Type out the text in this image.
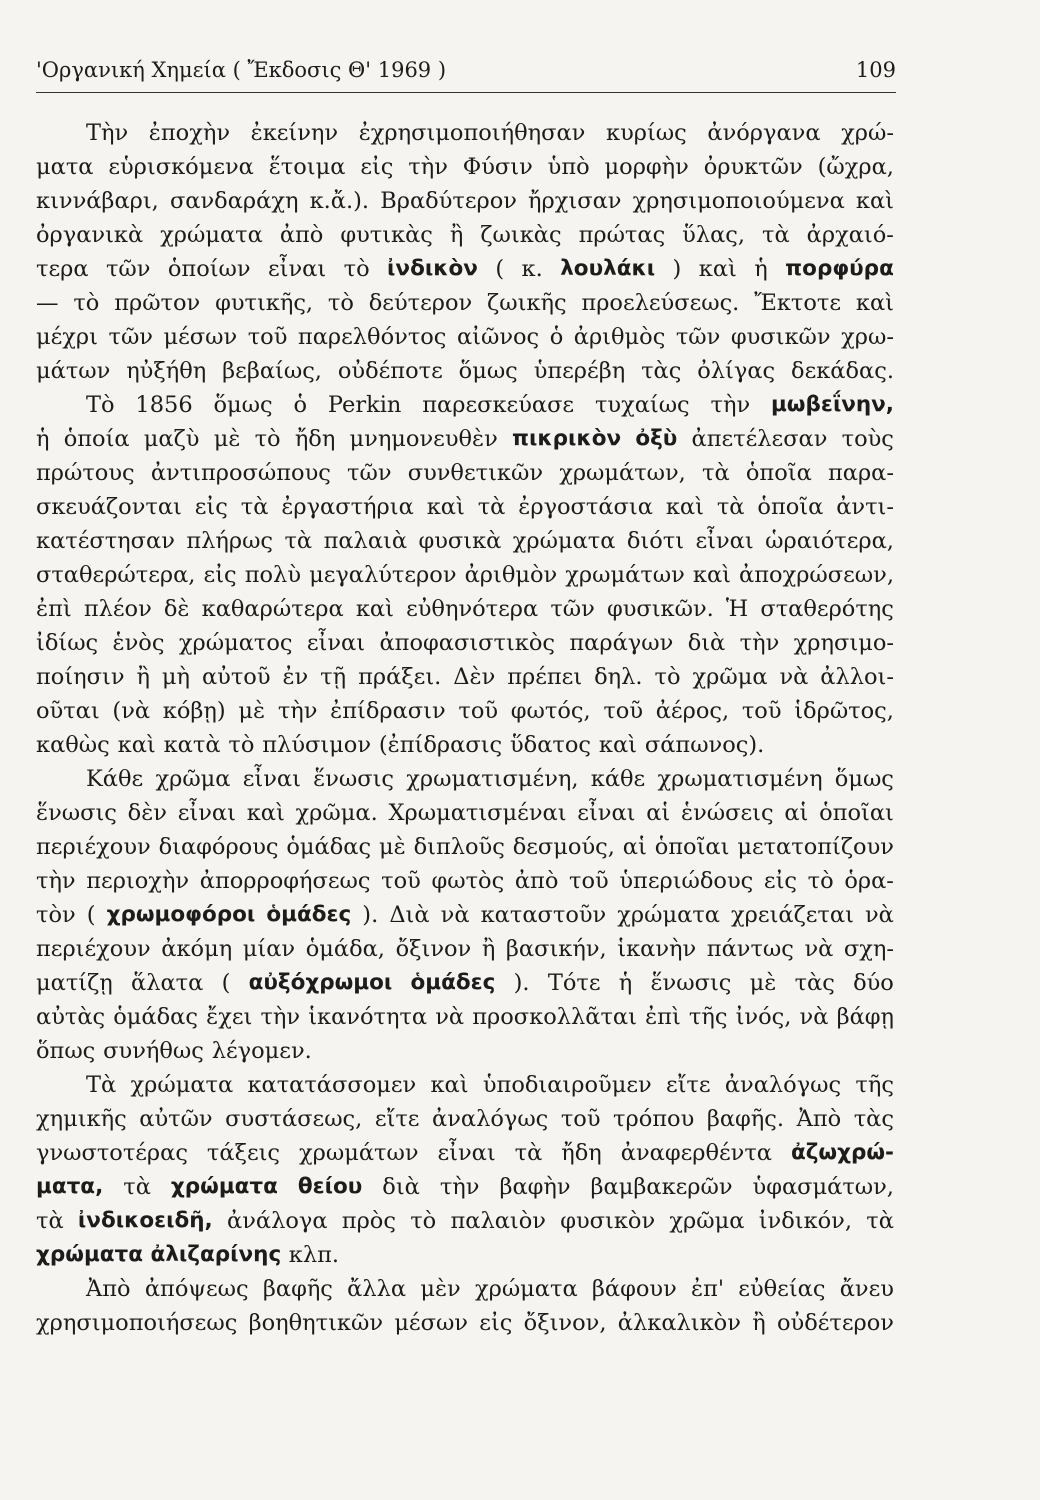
'Οργανική Χημεία ( Ἔκδοσις Θ' 1969 )	109
Τὴν ἐποχὴν ἐκείνην ἐχρησιμοποιήθησαν κυρίως ἀνόργανα χρώ-
ματα εὑρισκόμενα ἕτοιμα εἰς τὴν Φύσιν ὑπὸ μορφὴν ὀρυκτῶν (ὤχρα,
κιννάβαρι, σανδαράχη κ.ἄ.). Βραδύτερον ἤρχισαν χρησιμοποιούμενα καὶ
ὀργανικὰ χρώματα ἀπὸ φυτικὰς ἢ ζωικὰς πρώτας ὕλας, τὰ ἀρχαιό-
τερα τῶν ὁποίων εἶναι τὸ ἰνδικὸν ( κ. λουλάκι ) καὶ ἡ πορφύρα
— τὸ πρῶτον φυτικῆς, τὸ δεύτερον ζωικῆς προελεύσεως. Ἔκτοτε καὶ
μέχρι τῶν μέσων τοῦ παρελθόντος αἰῶνος ὁ ἀριθμὸς τῶν φυσικῶν χρω-
μάτων ηὐξήθη βεβαίως, οὐδέποτε ὅμως ὑπερέβη τὰς ὀλίγας δεκάδας.
Τὸ 1856 ὅμως ὁ Perkin παρεσκεύασε τυχαίως τὴν μωβεΐνην,
ἡ ὁποία μαζὺ μὲ τὸ ἤδη μνημονευθὲν πικρικὸν ὀξὺ ἀπετέλεσαν τοὺς
πρώτους ἀντιπροσώπους τῶν συνθετικῶν χρωμάτων, τὰ ὁποῖα παρα-
σκευάζονται εἰς τὰ ἐργαστήρια καὶ τὰ ἐργοστάσια καὶ τὰ ὁποῖα ἀντι-
κατέστησαν πλήρως τὰ παλαιὰ φυσικὰ χρώματα διότι εἶναι ὡραιότερα,
σταθερώτερα, εἰς πολὺ μεγαλύτερον ἀριθμὸν χρωμάτων καὶ ἀποχρώσεων,
ἐπὶ πλέον δὲ καθαρώτερα καὶ εὐθηνότερα τῶν φυσικῶν. Ἡ σταθερότης
ἰδίως ἑνὸς χρώματος εἶναι ἀποφασιστικὸς παράγων διὰ τὴν χρησιμο-
ποίησιν ἢ μὴ αὐτοῦ ἐν τῇ πράξει. Δὲν πρέπει δηλ. τὸ χρῶμα νὰ ἀλλοι-
οῦται (νὰ κόβῃ) μὲ τὴν ἐπίδρασιν τοῦ φωτός, τοῦ ἀέρος, τοῦ ἱδρῶτος,
καθὼς καὶ κατὰ τὸ πλύσιμον (ἐπίδρασις ὕδατος καὶ σάπωνος).
Κάθε χρῶμα εἶναι ἕνωσις χρωματισμένη, κάθε χρωματισμένη ὅμως
ἕνωσις δὲν εἶναι καὶ χρῶμα. Χρωματισμέναι εἶναι αἱ ἑνώσεις αἱ ὁποῖαι
περιέχουν διαφόρους ὁμάδας μὲ διπλοῦς δεσμούς, αἱ ὁποῖαι μετατοπίζουν
τὴν περιοχὴν ἀπορροφήσεως τοῦ φωτὸς ἀπὸ τοῦ ὑπεριώδους εἰς τὸ ὁρα-
τὸν ( χρωμοφόροι ὁμάδες ). Διὰ νὰ καταστοῦν χρώματα χρειάζεται νὰ
περιέχουν ἀκόμη μίαν ὁμάδα, ὄξινον ἢ βασικήν, ἱκανὴν πάντως νὰ σχη-
ματίζῃ ἅλατα ( αὐξόχρωμοι ὁμάδες ). Τότε ἡ ἕνωσις μὲ τὰς δύο
αὐτὰς ὁμάδας ἔχει τὴν ἱκανότητα νὰ προσκολλᾶται ἐπὶ τῆς ἰνός, νὰ βάφῃ
ὅπως συνήθως λέγομεν.
Τὰ χρώματα κατατάσσομεν καὶ ὑποδιαιροῦμεν εἴτε ἀναλόγως τῆς
χημικῆς αὐτῶν συστάσεως, εἴτε ἀναλόγως τοῦ τρόπου βαφῆς. Ἀπὸ τὰς
γνωστοτέρας τάξεις χρωμάτων εἶναι τὰ ἤδη ἀναφερθέντα ἀζωχρώ-
ματα, τὰ χρώματα θείου διὰ τὴν βαφὴν βαμβακερῶν ὑφασμάτων,
τὰ ἰνδικοειδῆ, ἀνάλογα πρὸς τὸ παλαιὸν φυσικὸν χρῶμα ἰνδικόν, τὰ
χρώματα ἀλιζαρίνης κλπ.
Ἀπὸ ἀπόψεως βαφῆς ἄλλα μὲν χρώματα βάφουν ἐπ' εὐθείας ἄνευ
χρησιμοποιήσεως βοηθητικῶν μέσων εἰς ὄξινον, ἀλκαλικὸν ἢ οὐδέτερον
